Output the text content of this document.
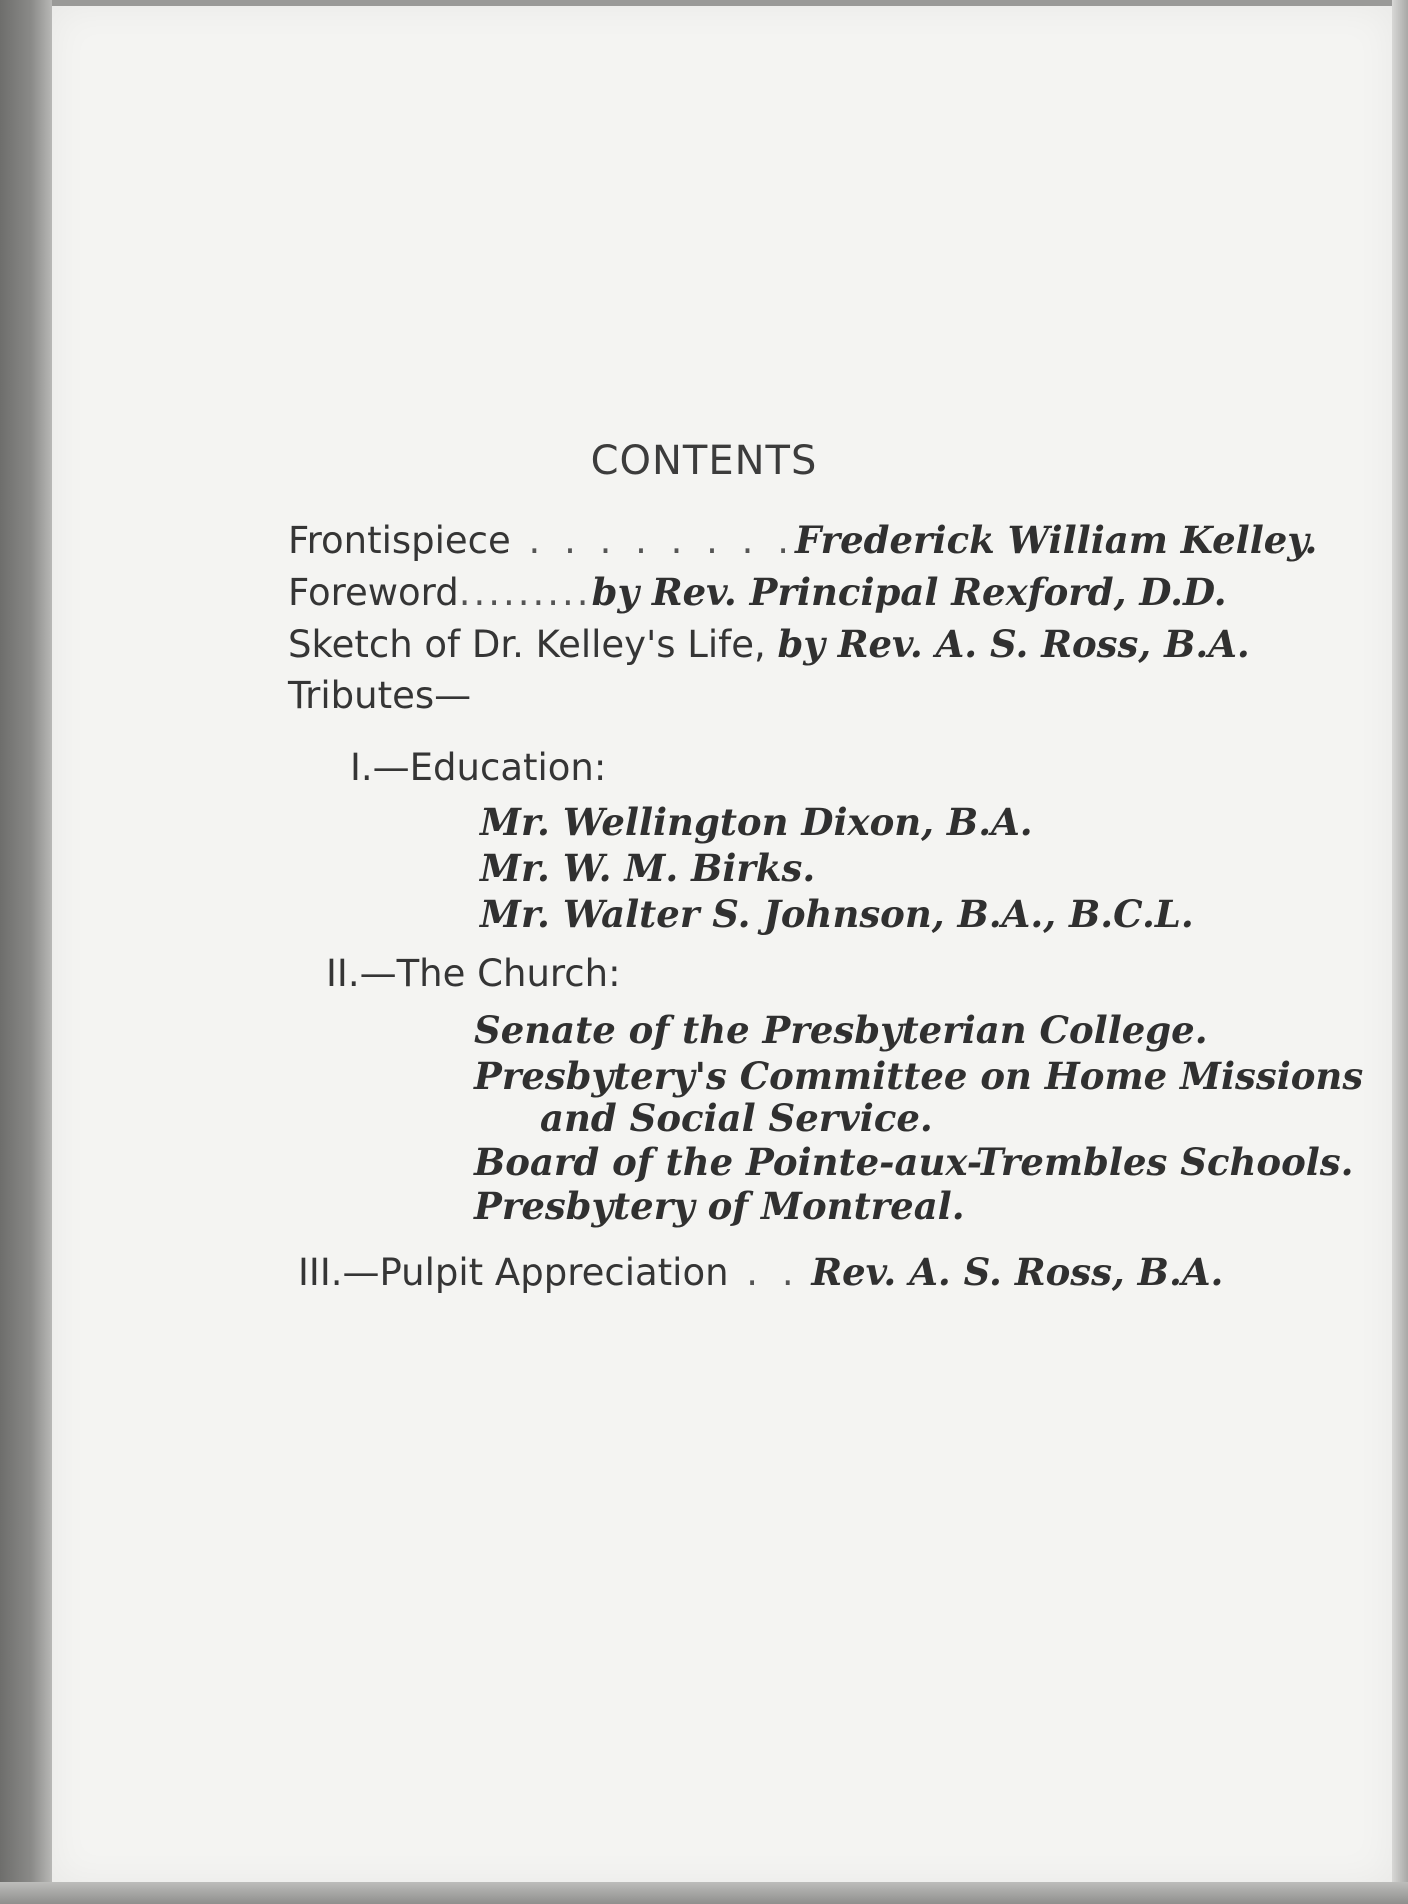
CONTENTS
Frontispiece . . . . . . . .Frederick William Kelley.
Foreword.........by Rev. Principal Rexford, D.D.
Sketch of Dr. Kelley's Life, by Rev. A. S. Ross, B.A.
Tributes—
I.—Education:
Mr. Wellington Dixon, B.A.
Mr. W. M. Birks.
Mr. Walter S. Johnson, B.A., B.C.L.
II.—The Church:
Senate of the Presbyterian College.
Presbytery's Committee on Home Missions
and Social Service.
Board of the Pointe-aux-Trembles Schools.
Presbytery of Montreal.
III.—Pulpit Appreciation . . Rev. A. S. Ross, B.A.
